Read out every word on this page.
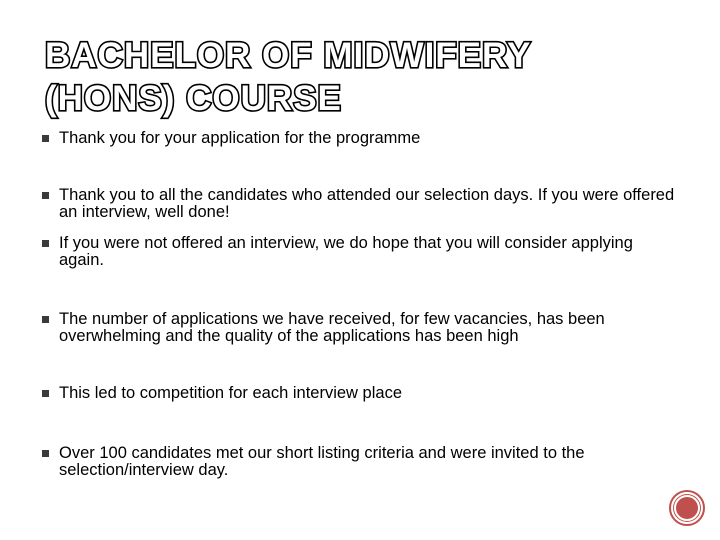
BACHELOR OF MIDWIFERY
(HONS) COURSE
Thank you for your application for the programme
Thank you to all the candidates who attended our selection days. If you were offered an interview, well done!
If you were not offered an interview, we do hope that you will consider applying again.
The number of applications we have received, for few vacancies, has been overwhelming and the quality of the applications has been high
This led to competition for each interview place
Over 100 candidates met our short listing criteria and were invited to the selection/interview day.
